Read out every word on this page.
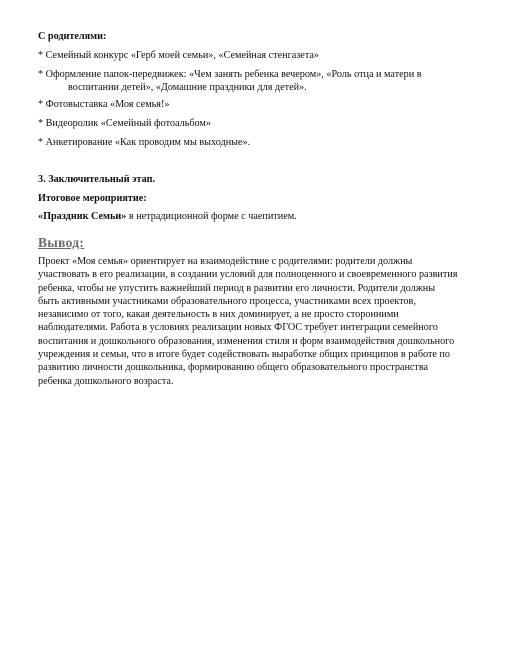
С родителями:
* Семейный конкурс «Герб моей семьи», «Семейная стенгазета»
* Оформление папок-передвижек: «Чем занять ребенка вечером», «Роль отца и матери в
воспитании детей», «Домашние праздники для детей».
* Фотовыставка «Моя семья!»
* Видеоролик «Семейный фотоальбом»
* Анкетирование «Как проводим мы выходные».
3. Заключительный этап.
Итоговое мероприятие:
«Праздник Семьи» в нетрадиционной форме с чаепитием.
Вывод:
Проект «Моя семья» ориентирует на взаимодействие с родителями: родители должны
участвовать в его реализации, в создании условий для полноценного и своевременного развития
ребенка, чтобы не упустить важнейший период в развитии его личности. Родители должны
быть активными участниками образовательного процесса, участниками всех проектов,
независимо от того, какая деятельность в них доминирует, а не просто сторонними
наблюдателями. Работа в условиях реализации новых ФГОС требует интеграции семейного
воспитания и дошкольного образования, изменения стиля и форм взаимодействия дошкольного
учреждения и семьи, что в итоге будет содействовать выработке общих принципов в работе по
развитию личности дошкольника, формированию общего образовательного пространства
ребенка дошкольного возраста.
